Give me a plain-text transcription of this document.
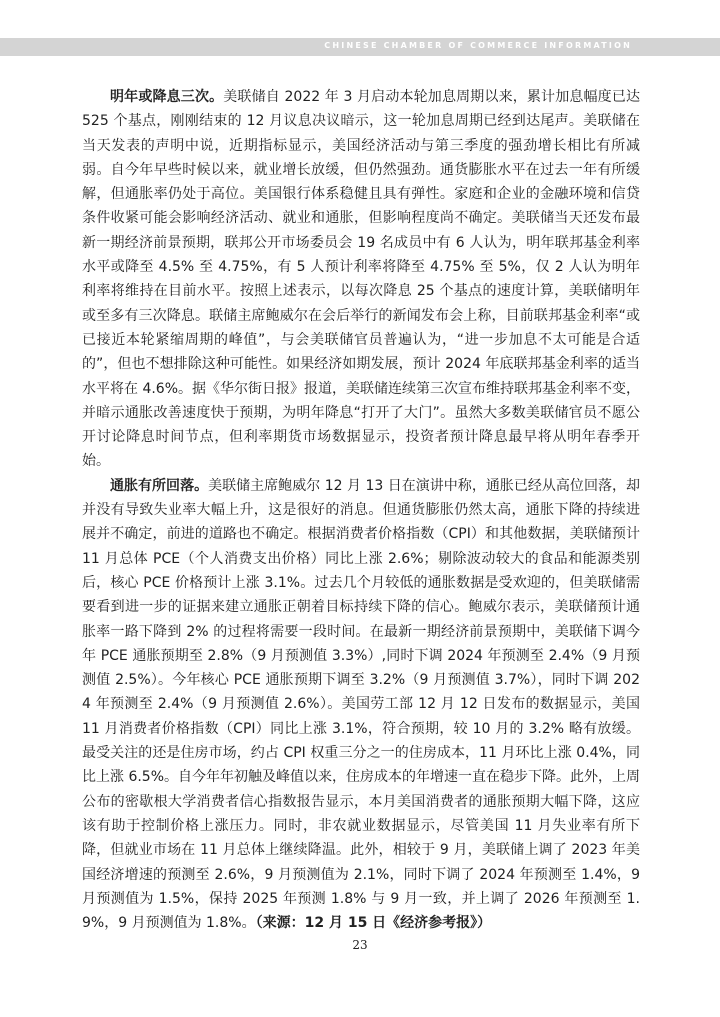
CHINESE CHAMBER OF COMMERCE INFORMATION

明年或降息三次。美联储自 2022 年 3 月启动本轮加息周期以来，累计加息幅度已达 525 个基点，刚刚结束的 12 月议息决议暗示，这一轮加息周期已经到达尾声。美联储在当天发表的声明中说，近期指标显示，美国经济活动与第三季度的强劲增长相比有所减弱。自今年早些时候以来，就业增长放缓，但仍然强劲。通货膨胀水平在过去一年有所缓解，但通胀率仍处于高位。美国银行体系稳健且具有弹性。家庭和企业的金融环境和信贷条件收紧可能会影响经济活动、就业和通胀，但影响程度尚不确定。美联储当天还发布最新一期经济前景预期，联邦公开市场委员会 19 名成员中有 6 人认为，明年联邦基金利率水平或降至 4.5% 至 4.75%，有 5 人预计利率将降至 4.75% 至 5%，仅 2 人认为明年利率将维持在目前水平。按照上述表示，以每次降息 25 个基点的速度计算，美联储明年或至多有三次降息。联储主席鲍威尔在会后举行的新闻发布会上称，目前联邦基金利率“或已接近本轮紧缩周期的峰值”，与会美联储官员普遍认为，“进一步加息不太可能是合适的”，但也不想排除这种可能性。如果经济如期发展，预计 2024 年底联邦基金利率的适当水平将在 4.6%。据《华尔街日报》报道，美联储连续第三次宣布维持联邦基金利率不变，并暗示通胀改善速度快于预期，为明年降息“打开了大门”。虽然大多数美联储官员不愿公开讨论降息时间节点，但利率期货市场数据显示，投资者预计降息最早将从明年春季开始。

通胀有所回落。美联储主席鲍威尔 12 月 13 日在演讲中称，通胀已经从高位回落，却并没有导致失业率大幅上升，这是很好的消息。但通货膨胀仍然太高，通胀下降的持续进展并不确定，前进的道路也不确定。根据消费者价格指数（CPI）和其他数据，美联储预计 11 月总体 PCE（个人消费支出价格）同比上涨 2.6%；剔除波动较大的食品和能源类别后，核心 PCE 价格预计上涨 3.1%。过去几个月较低的通胀数据是受欢迎的，但美联储需要看到进一步的证据来建立通胀正朝着目标持续下降的信心。鲍威尔表示，美联储预计通胀率一路下降到 2% 的过程将需要一段时间。在最新一期经济前景预期中，美联储下调今年 PCE 通胀预期至 2.8%（9 月预测值 3.3%）,同时下调 2024 年预测至 2.4%（9 月预测值 2.5%）。今年核心 PCE 通胀预期下调至 3.2%（9 月预测值 3.7%），同时下调 2024 年预测至 2.4%（9 月预测值 2.6%）。美国劳工部 12 月 12 日发布的数据显示，美国 11 月消费者价格指数（CPI）同比上涨 3.1%，符合预期，较 10 月的 3.2% 略有放缓。最受关注的还是住房市场，约占 CPI 权重三分之一的住房成本，11 月环比上涨 0.4%，同比上涨 6.5%。自今年年初触及峰值以来，住房成本的年增速一直在稳步下降。此外，上周公布的密歇根大学消费者信心指数报告显示，本月美国消费者的通胀预期大幅下降，这应该有助于控制价格上涨压力。同时，非农就业数据显示，尽管美国 11 月失业率有所下降，但就业市场在 11 月总体上继续降温。此外，相较于 9 月，美联储上调了 2023 年美国经济增速的预测至 2.6%，9 月预测值为 2.1%，同时下调了 2024 年预测至 1.4%，9 月预测值为 1.5%，保持 2025 年预测 1.8% 与 9 月一致，并上调了 2026 年预测至 1.9%，9 月预测值为 1.8%。（来源：12 月 15 日《经济参考报》）

23
